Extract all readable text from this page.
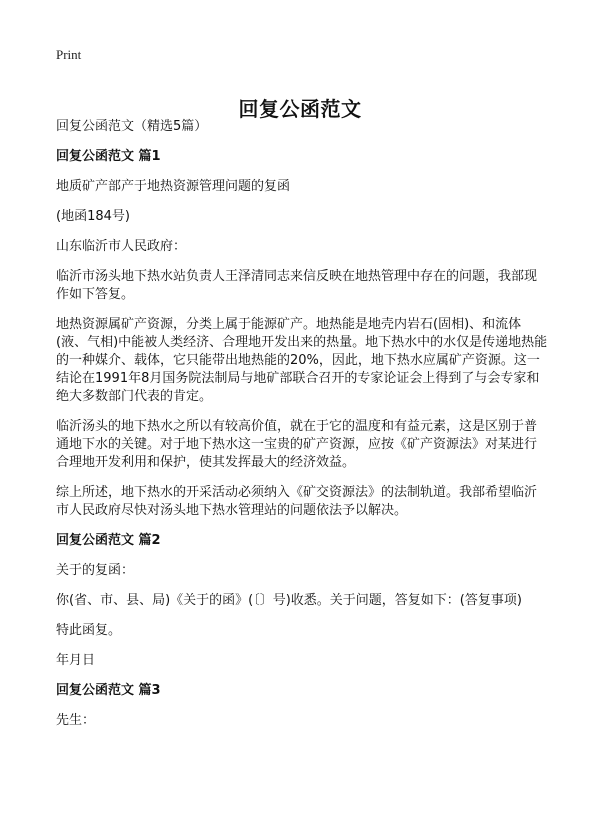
Print
回复公函范文

回复公函范文（精选5篇）

回复公函范文 篇1

地质矿产部产于地热资源管理问题的复函

(地函184号)

山东临沂市人民政府：

临沂市汤头地下热水站负责人王泽清同志来信反映在地热管理中存在的问题，我部现作如下答复。

地热资源属矿产资源，分类上属于能源矿产。地热能是地壳内岩石(固相)、和流体(液、气相)中能被人类经济、合理地开发出来的热量。地下热水中的水仅是传递地热能的一种媒介、载体，它只能带出地热能的20%，因此，地下热水应属矿产资源。这一结论在1991年8月国务院法制局与地矿部联合召开的专家论证会上得到了与会专家和绝大多数部门代表的肯定。

临沂汤头的地下热水之所以有较高价值，就在于它的温度和有益元素，这是区别于普通地下水的关键。对于地下热水这一宝贵的矿产资源，应按《矿产资源法》对某进行合理地开发利用和保护，使其发挥最大的经济效益。

综上所述，地下热水的开采活动必须纳入《矿交资源法》的法制轨道。我部希望临沂市人民政府尽快对汤头地下热水管理站的问题依法予以解决。

回复公函范文 篇2

关于的复函：

你(省、市、县、局)《关于的函》(〔〕号)收悉。关于问题，答复如下：(答复事项)

特此函复。

年月日

回复公函范文 篇3

先生：
